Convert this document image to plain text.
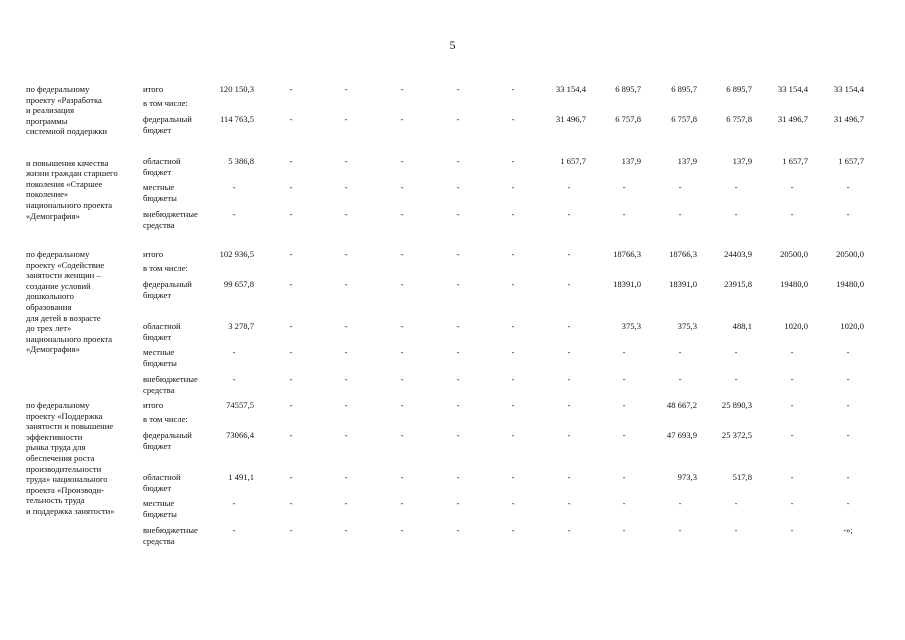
5
по федеральному
проекту «Разработка
и реализация
программы
системной поддержки
и повышения качества
жизни граждан старшего
поколения «Старшее
поколение»
национального проекта
«Демография»
итого	120 150,3	-	-	-	-	-	33 154,4	6 895,7	6 895,7	6 895,7	33 154,4	33 154,4
в том числе:
федеральный
бюджет
114 763,5	-	-	-	-	-	31 496,7	6 757,8	6 757,8	6 757,8	31 496,7	31 496,7
областной
бюджет
5 386,8	-	-	-	-	-	1 657,7	137,9	137,9	137,9	1 657,7	1 657,7
местные
бюджеты
-	-	-	-	-	-	-	-	-	-	-	-
внебюджетные
средства
-	-	-	-	-	-	-	-	-	-	-	-
по федеральному
проекту «Содействие
занятости женщин –
создание условий
дошкольного
образования
для детей в возрасте
до трех лет»
национального проекта
«Демография»
итого	102 936,5	-	-	-	-	-	-	18766,3	18766,3	24403,9	20500,0	20500,0
в том числе:
федеральный
бюджет
99 657,8	-	-	-	-	-	-	18391,0	18391,0	23915,8	19480,0	19480,0
областной
бюджет
3 278,7	-	-	-	-	-	-	375,3	375,3	488,1	1020,0	1020,0
местные
бюджеты
-	-	-	-	-	-	-	-	-	-	-	-
внебюджетные
средства
-	-	-	-	-	-	-	-	-	-	-	-
по федеральному
проекту «Поддержка
занятости и повышение
эффективности
рынка труда для
обеспечения роста
производительности
труда» национального
проекта «Производи-
тельность труда
и поддержка занятости»
итого	74557,5	-	-	-	-	-	-	-	48 667,2	25 890,3	-	-
в том числе:
федеральный
бюджет
73066,4	-	-	-	-	-	-	-	47 693,9	25 372,5	-	-
областной
бюджет
1 491,1	-	-	-	-	-	-	-	973,3	517,8	-	-
местные
бюджеты
-	-	-	-	-	-	-	-	-	-	-	-
внебюджетные
средства
-	-	-	-	-	-	-	-	-	-	-	-»;
